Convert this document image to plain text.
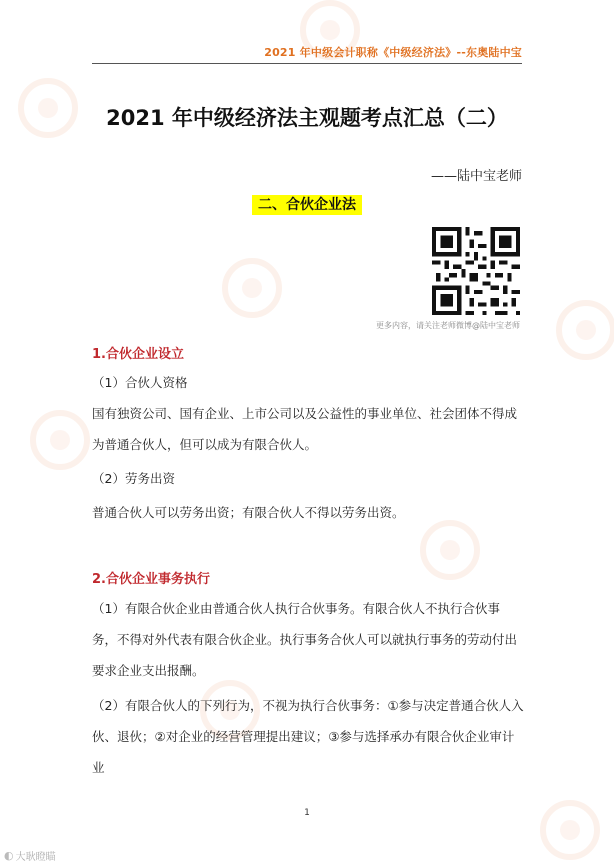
2021 年中级会计职称《中级经济法》--东奥陆中宝
2021 年中级经济法主观题考点汇总（二）
——陆中宝老师
二、合伙企业法
更多内容，请关注老师微博@陆中宝老师
1.合伙企业设立
（1）合伙人资格
国有独资公司、国有企业、上市公司以及公益性的事业单位、社会团体不得成为普通合伙人，但可以成为有限合伙人。
（2）劳务出资
普通合伙人可以劳务出资；有限合伙人不得以劳务出资。
2.合伙企业事务执行
（1）有限合伙企业由普通合伙人执行合伙事务。有限合伙人不执行合伙事务，不得对外代表有限合伙企业。执行事务合伙人可以就执行事务的劳动付出要求企业支出报酬。
（2）有限合伙人的下列行为，不视为执行合伙事务：①参与决定普通合伙人入伙、退伙；②对企业的经营管理提出建议；③参与选择承办有限合伙企业审计业
1
◐ 大耿瞪瞄
